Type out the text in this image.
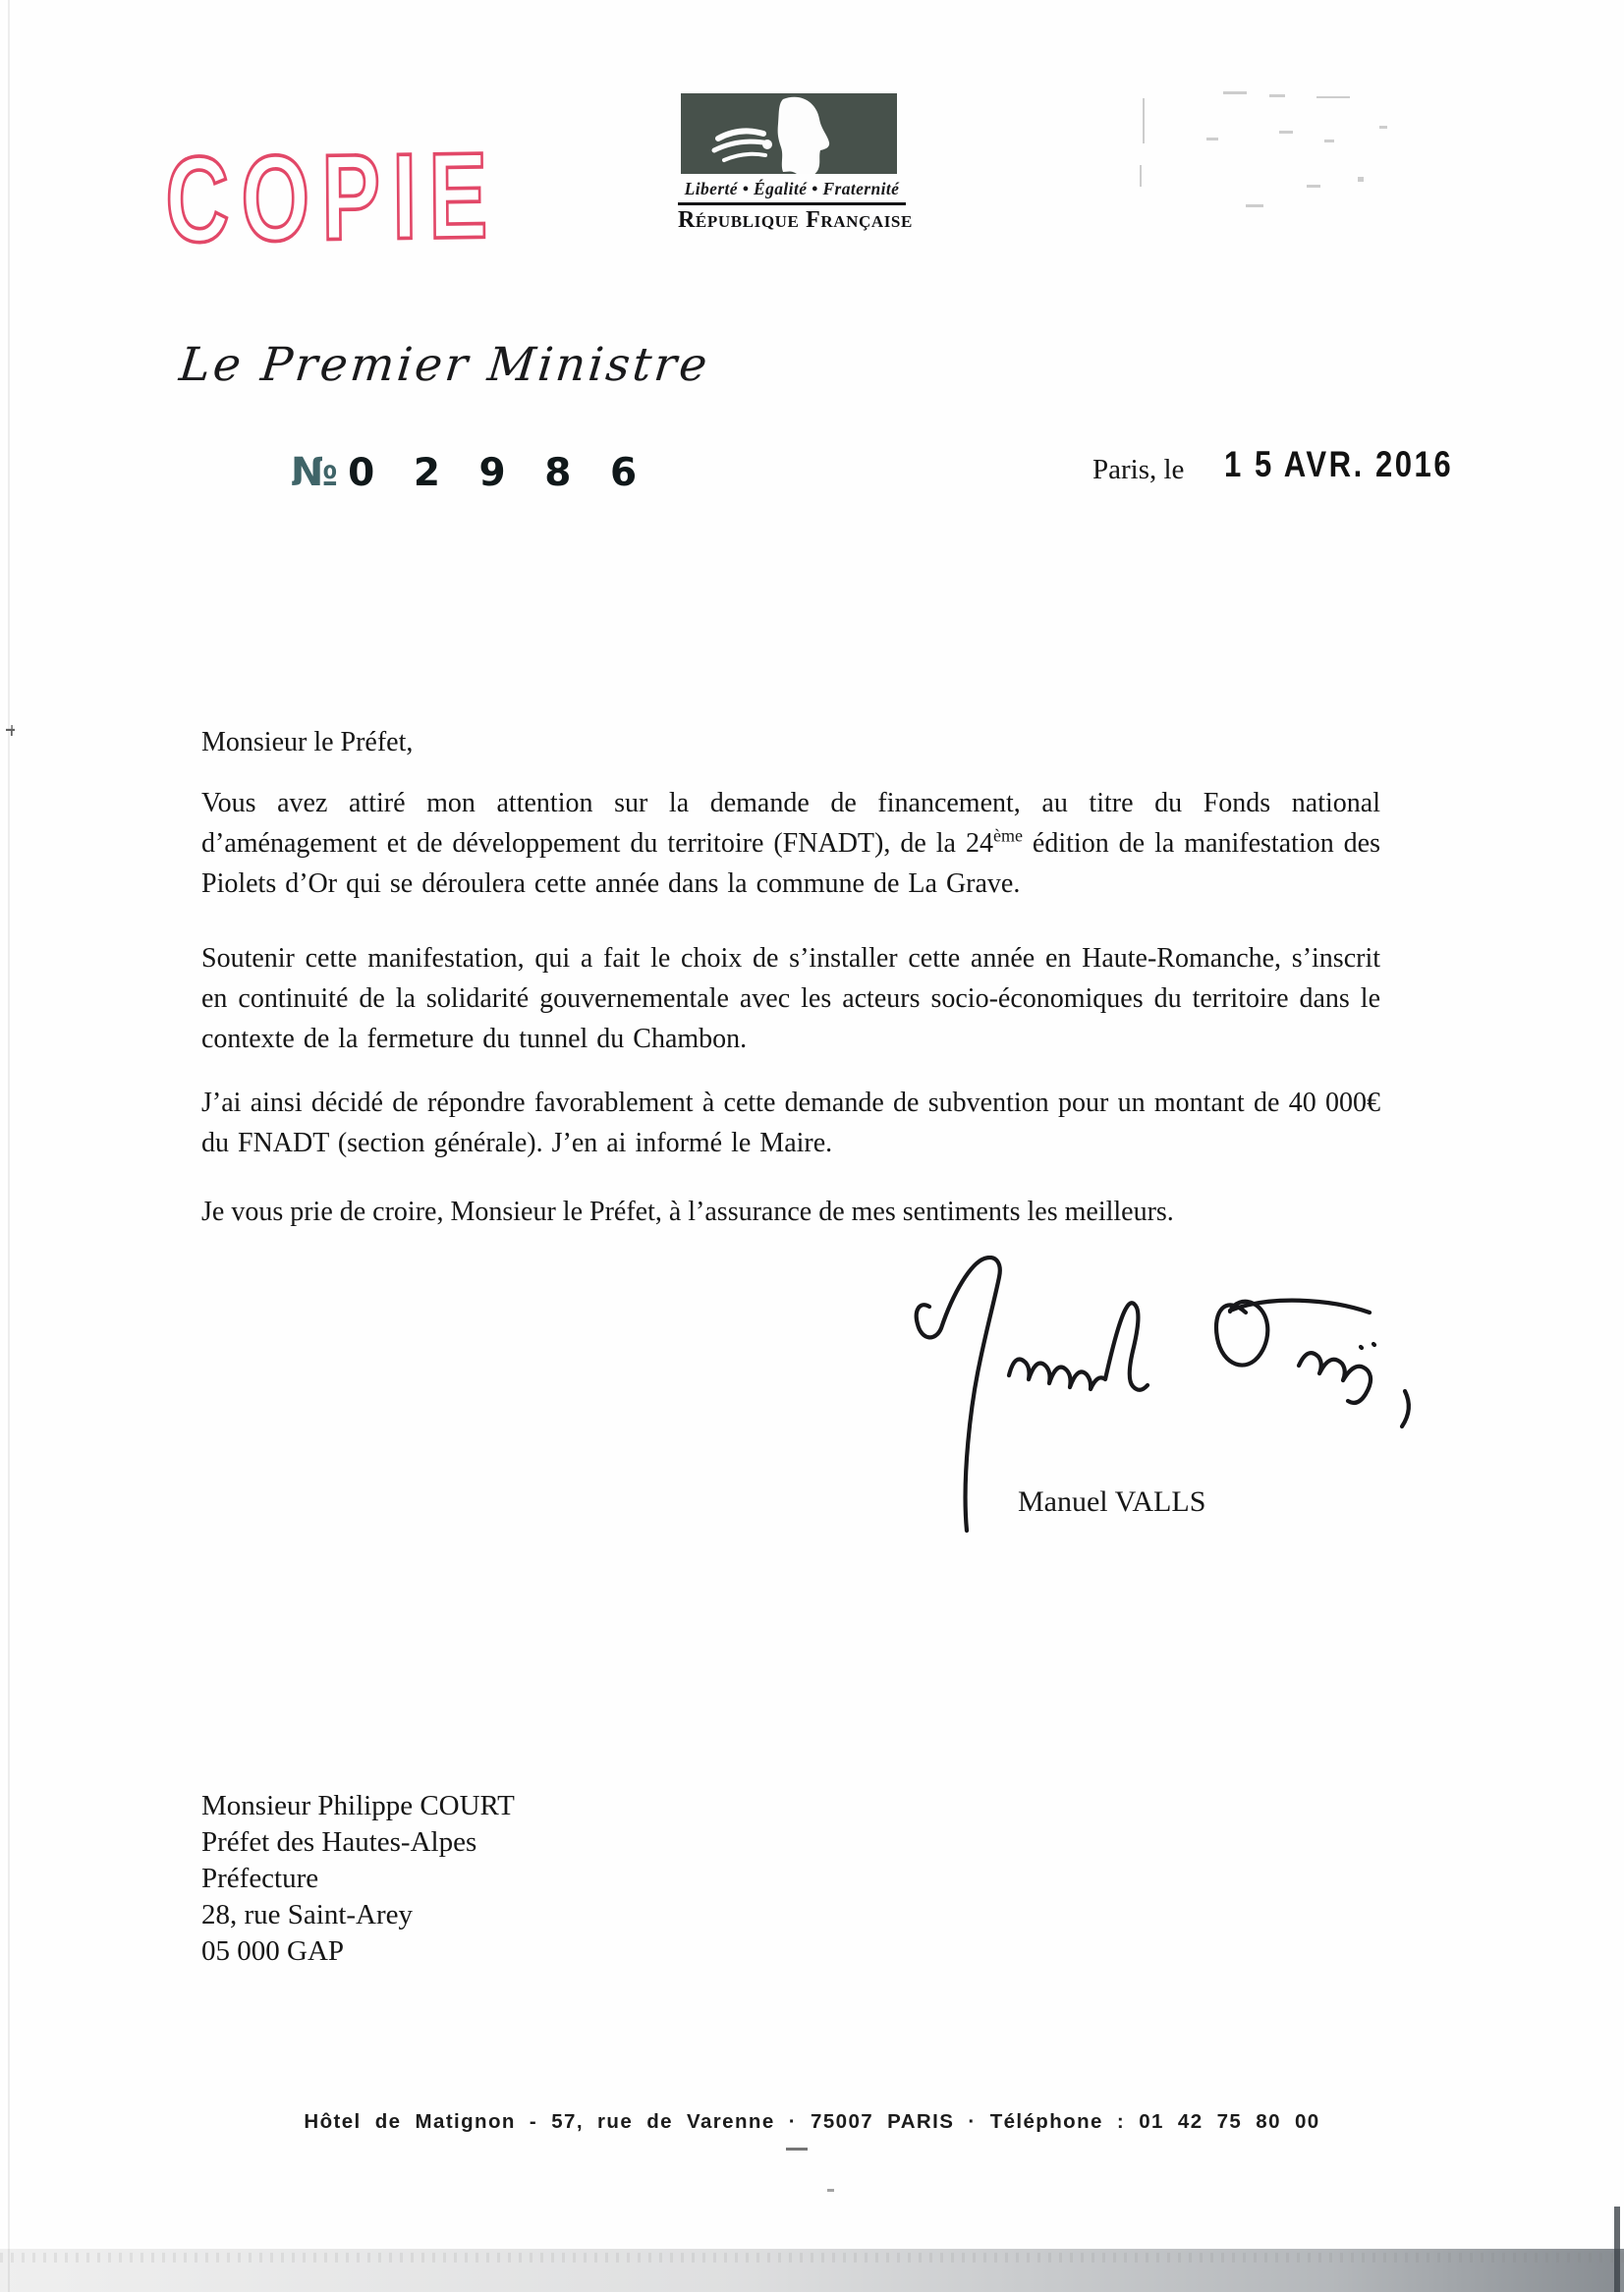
COPIE	Liberté • Égalité • Fraternité
République Française
Le Premier Ministre
№ 0 2 9 8 6	Paris, le 1 5 AVR. 2016

Monsieur le Préfet,

Vous avez attiré mon attention sur la demande de financement, au titre du Fonds national d’aménagement et de développement du territoire (FNADT), de la 24ème édition de la manifestation des Piolets d’Or qui se déroulera cette année dans la commune de La Grave.

Soutenir cette manifestation, qui a fait le choix de s’installer cette année en Haute-Romanche, s’inscrit en continuité de la solidarité gouvernementale avec les acteurs socio-économiques du territoire dans le contexte de la fermeture du tunnel du Chambon.

J’ai ainsi décidé de répondre favorablement à cette demande de subvention pour un montant de 40 000€ du FNADT (section générale). J’en ai informé le Maire.

Je vous prie de croire, Monsieur le Préfet, à l’assurance de mes sentiments les meilleurs.

Manuel VALLS
Monsieur Philippe COURT
Préfet des Hautes-Alpes
Préfecture
28, rue Saint-Arey
05 000 GAP
Hôtel de Matignon - 57, rue de Varenne · 75007 PARIS · Téléphone : 01 42 75 80 00
